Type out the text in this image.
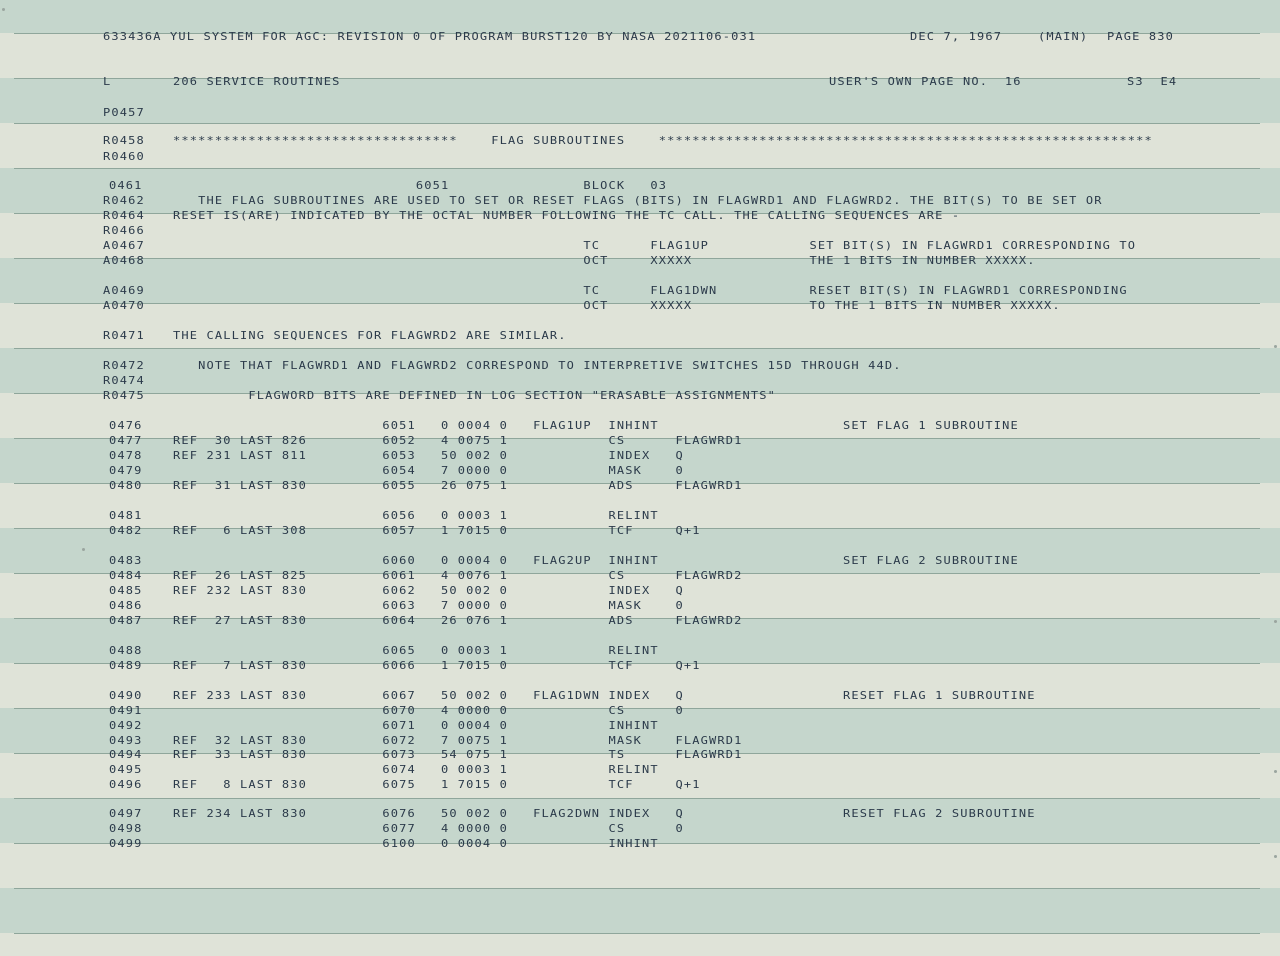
633436A YUL SYSTEM FOR AGC: REVISION 0 OF PROGRAM BURST120 BY NASA 2021106-031

	DEC 7, 1967

	(MAIN)

PAGE 830

L

	206 SERVICE ROUTINES

	USER'S OWN PAGE NO.  16

	S3  E4

P0457
R0458 **********************************    FLAG SUBROUTINES    ***********************************************************
R0460
0461	6051                BLOCK   03
R0462 THE FLAG SUBROUTINES ARE USED TO SET OR RESET FLAGS (BITS) IN FLAGWRD1 AND FLAGWRD2. THE BIT(S) TO BE SET OR
R0464 RESET IS(ARE) INDICATED BY THE OCTAL NUMBER FOLLOWING THE TC CALL. THE CALLING SEQUENCES ARE -
R0466
A0467 TC      FLAG1UP            SET BIT(S) IN FLAGWRD1 CORRESPONDING TO
A0468 OCT     XXXXX              THE 1 BITS IN NUMBER XXXXX.
A0469 TC      FLAG1DWN           RESET BIT(S) IN FLAGWRD1 CORRESPONDING
A0470 OCT     XXXXX              TO THE 1 BITS IN NUMBER XXXXX.
R0471 THE CALLING SEQUENCES FOR FLAGWRD2 ARE SIMILAR.
R0472 NOTE THAT FLAGWRD1 AND FLAGWRD2 CORRESPOND TO INTERPRETIVE SWITCHES 15D THROUGH 44D.
R0474
R0475 FLAGWORD BITS ARE DEFINED IN LOG SECTION "ERASABLE ASSIGNMENTS"
0476	6051   0 0004 0   FLAG1UP  INHINT                      SET FLAG 1 SUBROUTINE
0477	REF  30 LAST 826         6052   4 0075 1            CS      FLAGWRD1
0478	REF 231 LAST 811         6053   50 002 0            INDEX   Q
0479	6054   7 0000 0            MASK    0
0480	REF  31 LAST 830         6055   26 075 1            ADS     FLAGWRD1
0481	6056   0 0003 1            RELINT
0482	REF   6 LAST 308         6057   1 7015 0            TCF     Q+1
0483	6060   0 0004 0   FLAG2UP  INHINT                      SET FLAG 2 SUBROUTINE
0484	REF  26 LAST 825         6061   4 0076 1            CS      FLAGWRD2
0485	REF 232 LAST 830         6062   50 002 0            INDEX   Q
0486	6063   7 0000 0            MASK    0
0487	REF  27 LAST 830         6064   26 076 1            ADS     FLAGWRD2
0488	6065   0 0003 1            RELINT
0489	REF   7 LAST 830         6066   1 7015 0            TCF     Q+1
0490	REF 233 LAST 830         6067   50 002 0   FLAG1DWN INDEX   Q                   RESET FLAG 1 SUBROUTINE
0491	6070   4 0000 0            CS      0
0492	6071   0 0004 0            INHINT
0493	REF  32 LAST 830         6072   7 0075 1            MASK    FLAGWRD1
0494	REF  33 LAST 830         6073   54 075 1            TS      FLAGWRD1
0495	6074   0 0003 1            RELINT
0496	REF   8 LAST 830         6075   1 7015 0            TCF     Q+1
0497	REF 234 LAST 830         6076   50 002 0   FLAG2DWN INDEX   Q                   RESET FLAG 2 SUBROUTINE
0498	6077   4 0000 0            CS      0
0499	6100   0 0004 0            INHINT
